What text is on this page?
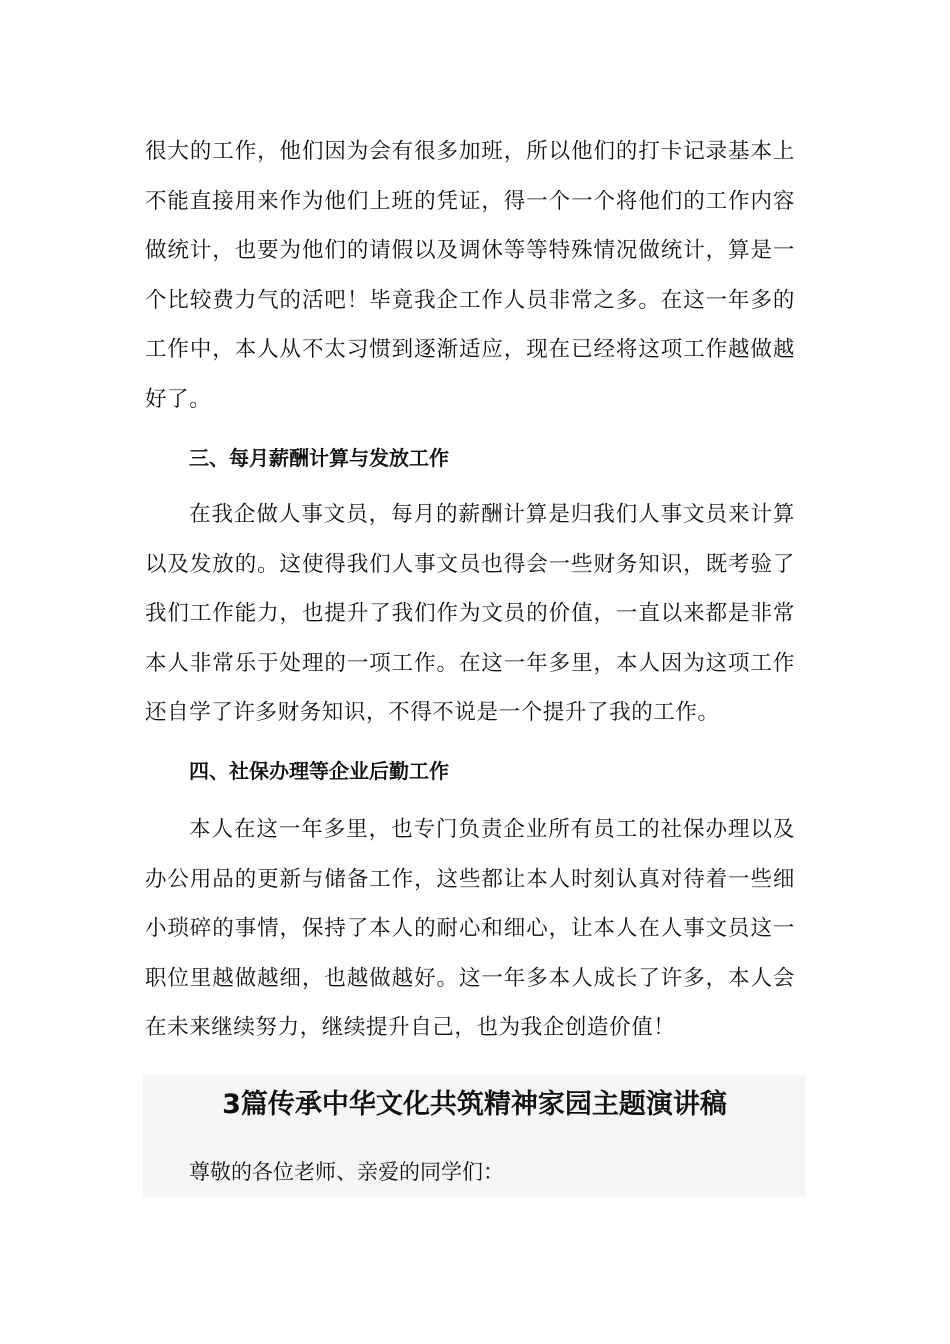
很大的工作，他们因为会有很多加班，所以他们的打卡记录基本上不能直接用来作为他们上班的凭证，得一个一个将他们的工作内容做统计，也要为他们的请假以及调休等等特殊情况做统计，算是一个比较费力气的活吧！毕竟我企工作人员非常之多。在这一年多的工作中，本人从不太习惯到逐渐适应，现在已经将这项工作越做越好了。

三、每月薪酬计算与发放工作

在我企做人事文员，每月的薪酬计算是归我们人事文员来计算以及发放的。这使得我们人事文员也得会一些财务知识，既考验了我们工作能力，也提升了我们作为文员的价值，一直以来都是非常本人非常乐于处理的一项工作。在这一年多里，本人因为这项工作还自学了许多财务知识，不得不说是一个提升了我的工作。

四、社保办理等企业后勤工作

本人在这一年多里，也专门负责企业所有员工的社保办理以及办公用品的更新与储备工作，这些都让本人时刻认真对待着一些细小琐碎的事情，保持了本人的耐心和细心，让本人在人事文员这一职位里越做越细，也越做越好。这一年多本人成长了许多，本人会在未来继续努力，继续提升自己，也为我企创造价值！

3篇传承中华文化共筑精神家园主题演讲稿

尊敬的各位老师、亲爱的同学们：
